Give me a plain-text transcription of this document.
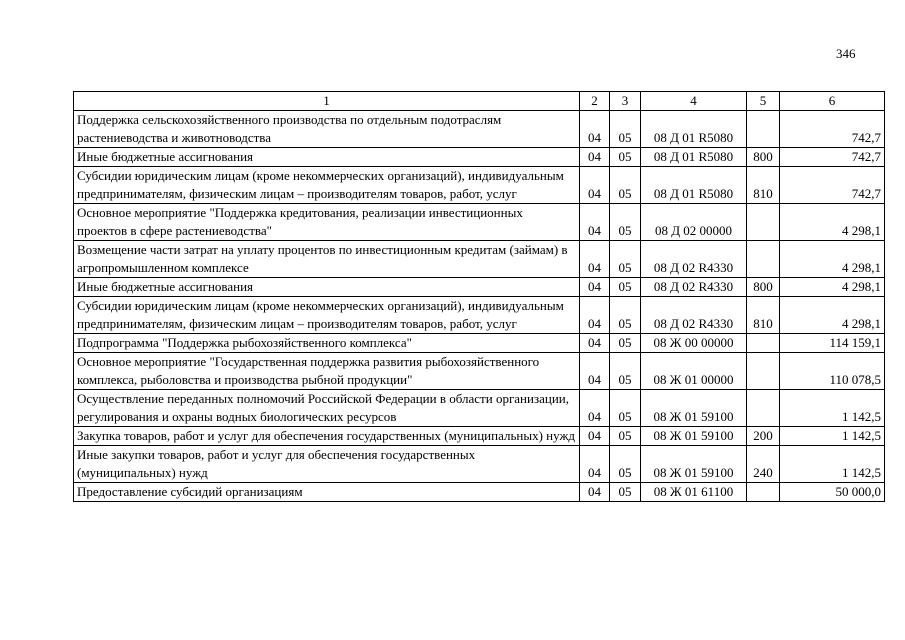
346
1	2	3	4	5	6
Поддержка сельскохозяйственного производства по отдельным подотраслям растениеводства и животноводства	04	05	08 Д 01 R5080		742,7
Иные бюджетные ассигнования	04	05	08 Д 01 R5080	800	742,7
Субсидии юридическим лицам (кроме некоммерческих организаций), индивидуальным предпринимателям, физическим лицам – производителям товаров, работ, услуг	04	05	08 Д 01 R5080	810	742,7
Основное мероприятие "Поддержка кредитования, реализации инвестиционных проектов в сфере растениеводства"	04	05	08 Д 02 00000		4 298,1
Возмещение части затрат на уплату процентов по инвестиционным кредитам (займам) в агропромышленном комплексе	04	05	08 Д 02 R4330		4 298,1
Иные бюджетные ассигнования	04	05	08 Д 02 R4330	800	4 298,1
Субсидии юридическим лицам (кроме некоммерческих организаций), индивидуальным предпринимателям, физическим лицам – производителям товаров, работ, услуг	04	05	08 Д 02 R4330	810	4 298,1
Подпрограмма "Поддержка рыбохозяйственного комплекса"	04	05	08 Ж 00 00000		114 159,1
Основное мероприятие "Государственная поддержка развития рыбохозяйственного комплекса, рыболовства и производства рыбной продукции"	04	05	08 Ж 01 00000		110 078,5
Осуществление переданных полномочий Российской Федерации в области организации, регулирования и охраны водных биологических ресурсов	04	05	08 Ж 01 59100		1 142,5
Закупка товаров, работ и услуг для обеспечения государственных (муниципальных) нужд	04	05	08 Ж 01 59100	200	1 142,5
Иные закупки товаров, работ и услуг для обеспечения государственных (муниципальных) нужд	04	05	08 Ж 01 59100	240	1 142,5
Предоставление субсидий организациям	04	05	08 Ж 01 61100		50 000,0
